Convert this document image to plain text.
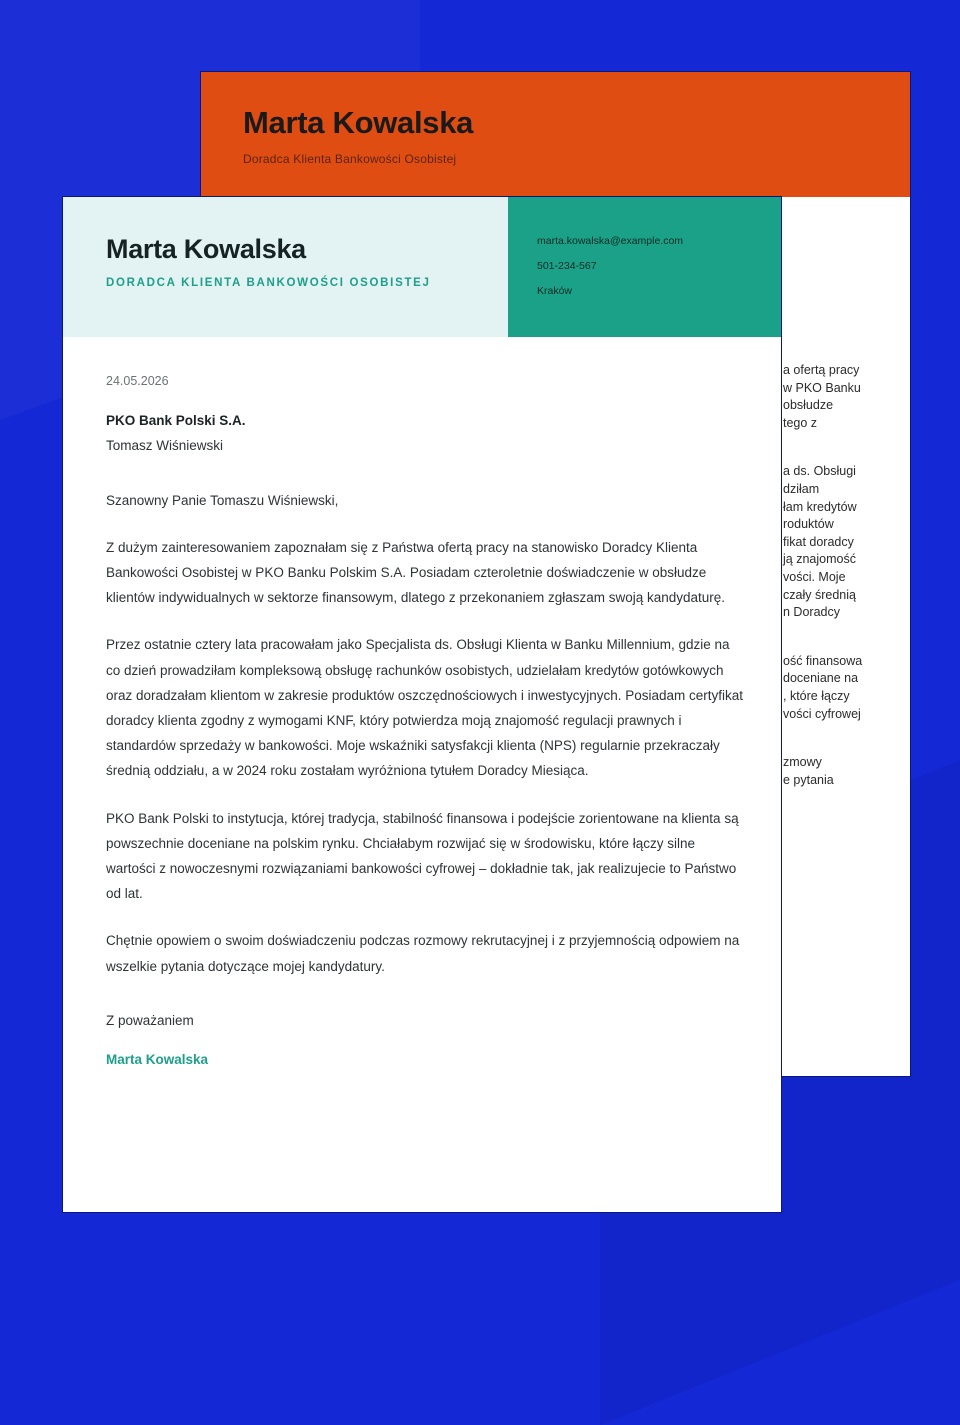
Marta Kowalska
Doradca Klienta Bankowości Osobistej
a ofertą pracy
w PKO Banku
obsłudze
tego z
a ds. Obsługi
dziłam
łam kredytów
roduktów
fikat doradcy
ją znajomość
vości. Moje
czały średnią
n Doradcy
ość finansowa
doceniane na
, które łączy
vości cyfrowej
zmowy
e pytania
Marta Kowalska
DORADCA KLIENTA BANKOWOŚCI OSOBISTEJ
marta.kowalska@example.com
501-234-567
Kraków

24.05.2026

PKO Bank Polski S.A.

Tomasz Wiśniewski

Szanowny Panie Tomaszu Wiśniewski,

Z dużym zainteresowaniem zapoznałam się z Państwa ofertą pracy na stanowisko Doradcy Klienta Bankowości Osobistej w PKO Banku Polskim S.A. Posiadam czteroletnie doświadczenie w obsłudze klientów indywidualnych w sektorze finansowym, dlatego z przekonaniem zgłaszam swoją kandydaturę.

Przez ostatnie cztery lata pracowałam jako Specjalista ds. Obsługi Klienta w Banku Millennium, gdzie na co dzień prowadziłam kompleksową obsługę rachunków osobistych, udzielałam kredytów gotówkowych oraz doradzałam klientom w zakresie produktów oszczędnościowych i inwestycyjnych. Posiadam certyfikat doradcy klienta zgodny z wymogami KNF, który potwierdza moją znajomość regulacji prawnych i standardów sprzedaży w bankowości. Moje wskaźniki satysfakcji klienta (NPS) regularnie przekraczały średnią oddziału, a w 2024 roku zostałam wyróżniona tytułem Doradcy Miesiąca.

PKO Bank Polski to instytucja, której tradycja, stabilność finansowa i podejście zorientowane na klienta są powszechnie doceniane na polskim rynku. Chciałabym rozwijać się w środowisku, które łączy silne wartości z nowoczesnymi rozwiązaniami bankowości cyfrowej – dokładnie tak, jak realizujecie to Państwo od lat.

Chętnie opowiem o swoim doświadczeniu podczas rozmowy rekrutacyjnej i z przyjemnością odpowiem na wszelkie pytania dotyczące mojej kandydatury.

Z poważaniem

Marta Kowalska
